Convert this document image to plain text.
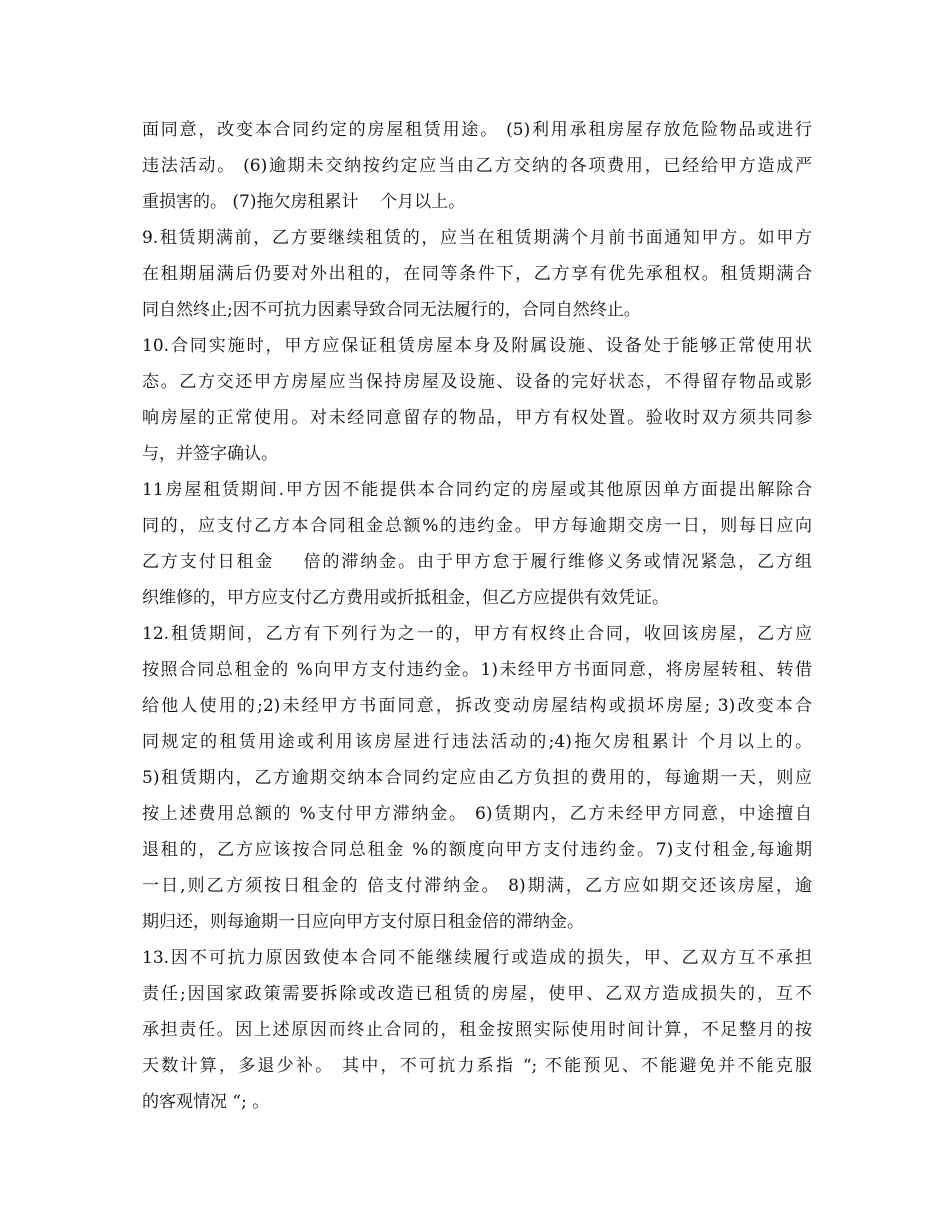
面同意，改变本合同约定的房屋租赁用途。 (5)利用承租房屋存放危险物品或进行
违法活动。 (6)逾期未交纳按约定应当由乙方交纳的各项费用，已经给甲方造成严
重损害的。 (7)拖欠房租累计    个月以上。
9.租赁期满前，乙方要继续租赁的，应当在租赁期满个月前书面通知甲方。如甲方
在租期届满后仍要对外出租的，在同等条件下，乙方享有优先承租权。租赁期满合
同自然终止;因不可抗力因素导致合同无法履行的，合同自然终止。
10.合同实施时，甲方应保证租赁房屋本身及附属设施、设备处于能够正常使用状
态。乙方交还甲方房屋应当保持房屋及设施、设备的完好状态，不得留存物品或影
响房屋的正常使用。对未经同意留存的物品，甲方有权处置。验收时双方须共同参
与，并签字确认。
11房屋租赁期间.甲方因不能提供本合同约定的房屋或其他原因单方面提出解除合
同的，应支付乙方本合同租金总额%的违约金。甲方每逾期交房一日，则每日应向
乙方支付日租金    倍的滞纳金。由于甲方怠于履行维修义务或情况紧急，乙方组
织维修的，甲方应支付乙方费用或折抵租金，但乙方应提供有效凭证。
12.租赁期间，乙方有下列行为之一的，甲方有权终止合同，收回该房屋，乙方应
按照合同总租金的 %向甲方支付违约金。1)未经甲方书面同意，将房屋转租、转借
给他人使用的;2)未经甲方书面同意，拆改变动房屋结构或损坏房屋; 3)改变本合
同规定的租赁用途或利用该房屋进行违法活动的;4)拖欠房租累计 个月以上的。
5)租赁期内，乙方逾期交纳本合同约定应由乙方负担的费用的，每逾期一天，则应
按上述费用总额的 %支付甲方滞纳金。 6)赁期内，乙方未经甲方同意，中途擅自
退租的，乙方应该按合同总租金 %的额度向甲方支付违约金。7)支付租金,每逾期
一日,则乙方须按日租金的 倍支付滞纳金。 8)期满，乙方应如期交还该房屋，逾
期归还，则每逾期一日应向甲方支付原日租金倍的滞纳金。
13.因不可抗力原因致使本合同不能继续履行或造成的损失，甲、乙双方互不承担
责任;因国家政策需要拆除或改造已租赁的房屋，使甲、乙双方造成损失的，互不
承担责任。因上述原因而终止合同的，租金按照实际使用时间计算，不足整月的按
天数计算，多退少补。 其中，不可抗力系指 “; 不能预见、不能避免并不能克服
的客观情况 “; 。
